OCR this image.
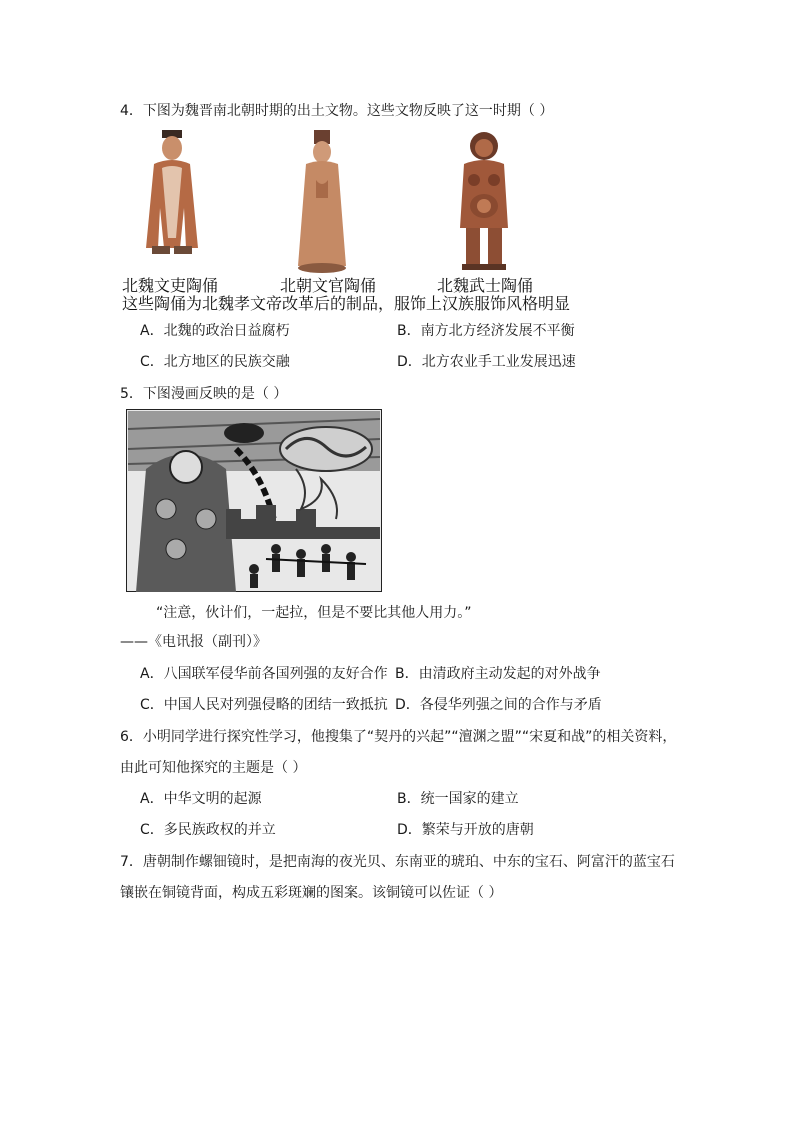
4．下图为魏晋南北朝时期的出土文物。这些文物反映了这一时期（ ）
北魏文吏陶俑	北朝文官陶俑	北魏武士陶俑
这些陶俑为北魏孝文帝改革后的制品，服饰上汉族服饰风格明显
A．北魏的政治日益腐朽	B．南方北方经济发展不平衡
C．北方地区的民族交融	D．北方农业手工业发展迅速
5．下图漫画反映的是（ ）
“注意，伙计们，一起拉，但是不要比其他人用力。”
——《电讯报（副刊）》
A．八国联军侵华前各国列强的友好合作 B．由清政府主动发起的对外战争
C．中国人民对列强侵略的团结一致抵抗 D．各侵华列强之间的合作与矛盾
6．小明同学进行探究性学习，他搜集了“契丹的兴起”“澶渊之盟”“宋夏和战”的相关资料，
由此可知他探究的主题是（ ）
A．中华文明的起源	B．统一国家的建立
C．多民族政权的并立	D．繁荣与开放的唐朝
7．唐朝制作螺钿镜时，是把南海的夜光贝、东南亚的琥珀、中东的宝石、阿富汗的蓝宝石
镶嵌在铜镜背面，构成五彩斑斓的图案。该铜镜可以佐证（ ）
